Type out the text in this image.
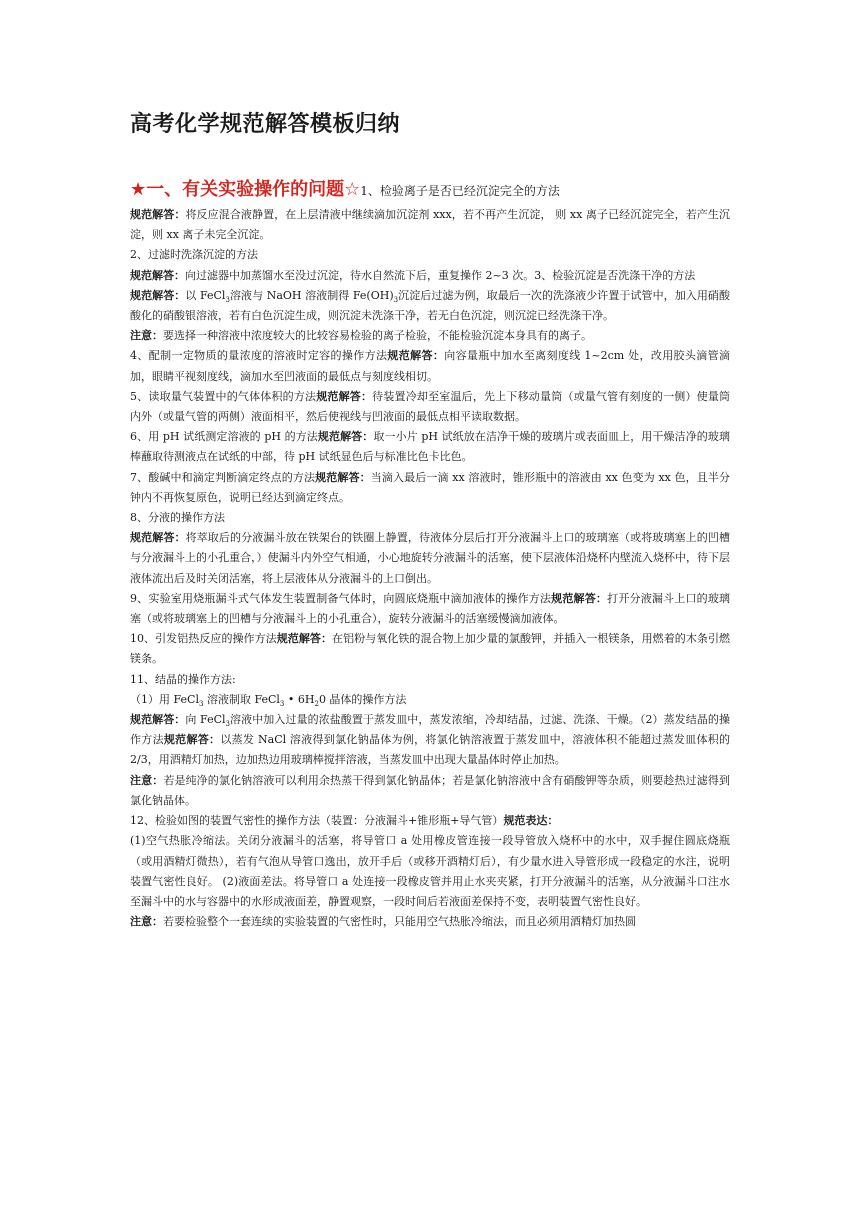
高考化学规范解答模板归纳
★一、有关实验操作的问题☆1、检验离子是否已经沉淀完全的方法

规范解答：将反应混合液静置，在上层清液中继续滴加沉淀剂 xxx，若不再产生沉淀， 则 xx 离子已经沉淀完全，若产生沉淀，则 xx 离子未完全沉淀。

2、过滤时洗涤沉淀的方法

规范解答：向过滤器中加蒸馏水至没过沉淀，待水自然流下后，重复操作 2~3 次。3、检验沉淀是否洗涤干净的方法

规范解答：以 FeCl$_3$溶液与 NaOH 溶液制得 $Fe(OH)_3$沉淀后过滤为例，取最后一次的洗涤液少许置于试管中，加入用硝酸酸化的硝酸银溶液，若有白色沉淀生成，则沉淀未洗涤干净，若无白色沉淀，则沉淀已经洗涤干净。

注意：要选择一种溶液中浓度较大的比较容易检验的离子检验，不能检验沉淀本身具有的离子。

4、配制一定物质的量浓度的溶液时定容的操作方法规范解答：向容量瓶中加水至离刻度线 1~2cm 处，改用胶头滴管滴加，眼睛平视刻度线，滴加水至凹液面的最低点与刻度线相切。

5、读取量气装置中的气体体积的方法规范解答：待装置冷却至室温后，先上下移动量筒（或量气管有刻度的一侧）使量筒内外（或量气管的两侧）液面相平，然后使视线与凹液面的最低点相平读取数据。

6、用 pH 试纸测定溶液的 pH 的方法规范解答：取一小片 pH 试纸放在洁净干燥的玻璃片或表面皿上，用干燥洁净的玻璃棒蘸取待测液点在试纸的中部，待 pH 试纸显色后与标准比色卡比色。

7、酸碱中和滴定判断滴定终点的方法规范解答：当滴入最后一滴 xx 溶液时，锥形瓶中的溶液由 xx 色变为 xx 色，且半分钟内不再恢复原色，说明已经达到滴定终点。

8、分液的操作方法

规范解答：将萃取后的分液漏斗放在铁架台的铁圈上静置，待液体分层后打开分液漏斗上口的玻璃塞（或将玻璃塞上的凹槽与分液漏斗上的小孔重合，）使漏斗内外空气相通，小心地旋转分液漏斗的活塞，使下层液体沿烧杯内壁流入烧杯中，待下层液体流出后及时关闭活塞，将上层液体从分液漏斗的上口倒出。

9、实验室用烧瓶漏斗式气体发生装置制备气体时，向圆底烧瓶中滴加液体的操作方法规范解答：打开分液漏斗上口的玻璃塞（或将玻璃塞上的凹槽与分液漏斗上的小孔重合），旋转分液漏斗的活塞缓慢滴加液体。

10、引发铝热反应的操作方法规范解答：在铝粉与氧化铁的混合物上加少量的氯酸钾，并插入一根镁条，用燃着的木条引燃镁条。

11、结晶的操作方法:

（1）用 FeCl$_3$ 溶液制取 FeCl$_3$ • $6H_20$ 晶体的操作方法

规范解答：向 FeCl$_3$溶液中加入过量的浓盐酸置于蒸发皿中，蒸发浓缩，冷却结晶，过滤、洗涤、干燥。（2）蒸发结晶的操作方法规范解答：以蒸发 NaCl 溶液得到氯化钠晶体为例，将氯化钠溶液置于蒸发皿中，溶液体积不能超过蒸发皿体积的 2/3，用酒精灯加热，边加热边用玻璃棒搅拌溶液，当蒸发皿中出现大量晶体时停止加热。

注意：若是纯净的氯化钠溶液可以利用余热蒸干得到氯化钠晶体；若是氯化钠溶液中含有硝酸钾等杂质，则要趁热过滤得到氯化钠晶体。

12、检验如图的装置气密性的操作方法（装置：分液漏斗+锥形瓶+导气管）规范表达：

(1)空气热胀冷缩法。关闭分液漏斗的活塞，将导管口 a 处用橡皮管连接一段导管放入烧杯中的水中，双手握住圆底烧瓶（或用酒精灯微热），若有气泡从导管口逸出，放开手后（或移开酒精灯后），有少量水进入导管形成一段稳定的水注，说明装置气密性良好。 (2)液面差法。将导管口 a 处连接一段橡皮管并用止水夹夹紧，打开分液漏斗的活塞，从分液漏斗口注水至漏斗中的水与容器中的水形成液面差，静置观察，一段时间后若液面差保持不变，表明装置气密性良好。

注意：若要检验整个一套连续的实验装置的气密性时，只能用空气热胀冷缩法，而且必须用酒精灯加热圆
